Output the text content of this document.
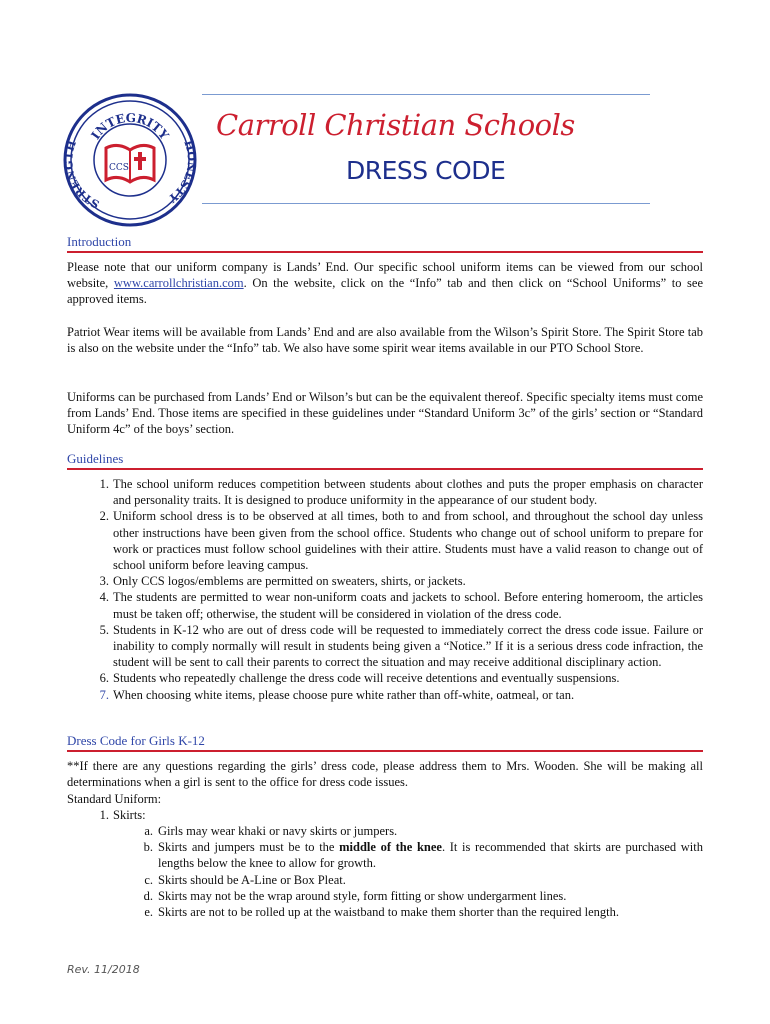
INTEGRITY
STRENGTH	HONESTY
CCS
Carroll Christian Schools
DRESS CODE
Introduction

Please note that our uniform company is Lands’ End. Our specific school uniform items can be viewed from our school website, www.carrollchristian.com. On the website, click on the “Info” tab and then click on “School Uniforms” to see approved items.

Patriot Wear items will be available from Lands’ End and are also available from the Wilson’s Spirit Store. The Spirit Store tab is also on the website under the “Info” tab. We also have some spirit wear items available in our PTO School Store.

Uniforms can be purchased from Lands’ End or Wilson’s but can be the equivalent thereof. Specific specialty items must come from Lands’ End. Those items are specified in these guidelines under “Standard Uniform 3c” of the girls’ section or “Standard Uniform 4c” of the boys’ section.

Guidelines
1. The school uniform reduces competition between students about clothes and puts the proper emphasis on character and personality traits. It is designed to produce uniformity in the appearance of our student body.
2. Uniform school dress is to be observed at all times, both to and from school, and throughout the school day unless other instructions have been given from the school office. Students who change out of school uniform to prepare for work or practices must follow school guidelines with their attire. Students must have a valid reason to change out of school uniform before leaving campus.
3. Only CCS logos/emblems are permitted on sweaters, shirts, or jackets.
4. The students are permitted to wear non-uniform coats and jackets to school. Before entering homeroom, the articles must be taken off; otherwise, the student will be considered in violation of the dress code.
5. Students in K-12 who are out of dress code will be requested to immediately correct the dress code issue. Failure or inability to comply normally will result in students being given a “Notice.” If it is a serious dress code infraction, the student will be sent to call their parents to correct the situation and may receive additional disciplinary action.
6. Students who repeatedly challenge the dress code will receive detentions and eventually suspensions.
7. When choosing white items, please choose pure white rather than off-white, oatmeal, or tan.
Dress Code for Girls K-12

**If there are any questions regarding the girls’ dress code, please address them to Mrs. Wooden. She will be making all determinations when a girl is sent to the office for dress code issues.

Standard Uniform:
1. Skirts:
a. Girls may wear khaki or navy skirts or jumpers.
b. Skirts and jumpers must be to the middle of the knee. It is recommended that skirts are purchased with lengths below the knee to allow for growth.
c. Skirts should be A-Line or Box Pleat.
d. Skirts may not be the wrap around style, form fitting or show undergarment lines.
e. Skirts are not to be rolled up at the waistband to make them shorter than the required length.
Rev. 11/2018
